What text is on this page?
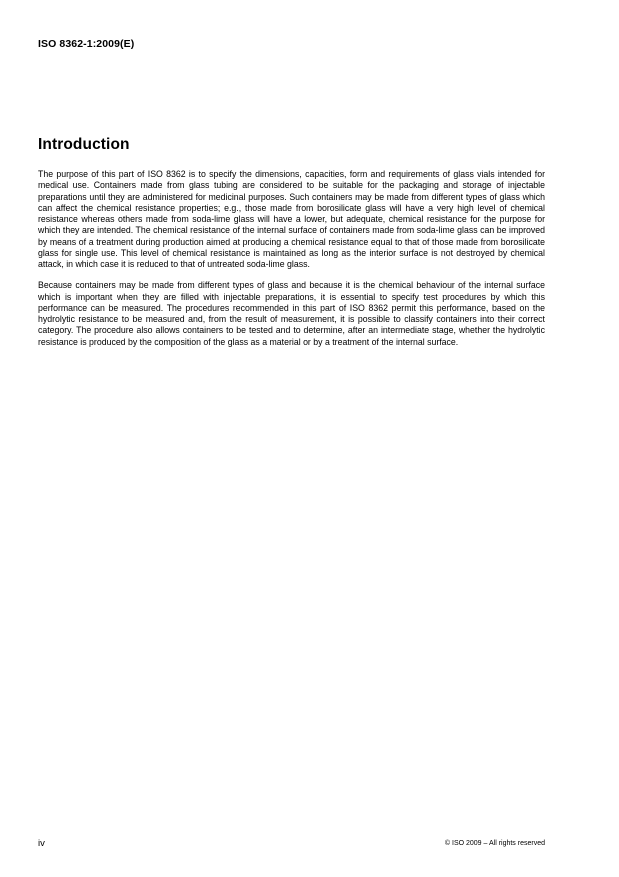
ISO 8362-1:2009(E)
Introduction

The purpose of this part of ISO 8362 is to specify the dimensions, capacities, form and requirements of glass vials intended for medical use. Containers made from glass tubing are considered to be suitable for the packaging and storage of injectable preparations until they are administered for medicinal purposes. Such containers may be made from different types of glass which can affect the chemical resistance properties; e.g., those made from borosilicate glass will have a very high level of chemical resistance whereas others made from soda-lime glass will have a lower, but adequate, chemical resistance for the purpose for which they are intended. The chemical resistance of the internal surface of containers made from soda-lime glass can be improved by means of a treatment during production aimed at producing a chemical resistance equal to that of those made from borosilicate glass for single use. This level of chemical resistance is maintained as long as the interior surface is not destroyed by chemical attack, in which case it is reduced to that of untreated soda-lime glass.

Because containers may be made from different types of glass and because it is the chemical behaviour of the internal surface which is important when they are filled with injectable preparations, it is essential to specify test procedures by which this performance can be measured. The procedures recommended in this part of ISO 8362 permit this performance, based on the hydrolytic resistance to be measured and, from the result of measurement, it is possible to classify containers into their correct category. The procedure also allows containers to be tested and to determine, after an intermediate stage, whether the hydrolytic resistance is produced by the composition of the glass as a material or by a treatment of the internal surface.

iv	© ISO 2009 – All rights reserved
